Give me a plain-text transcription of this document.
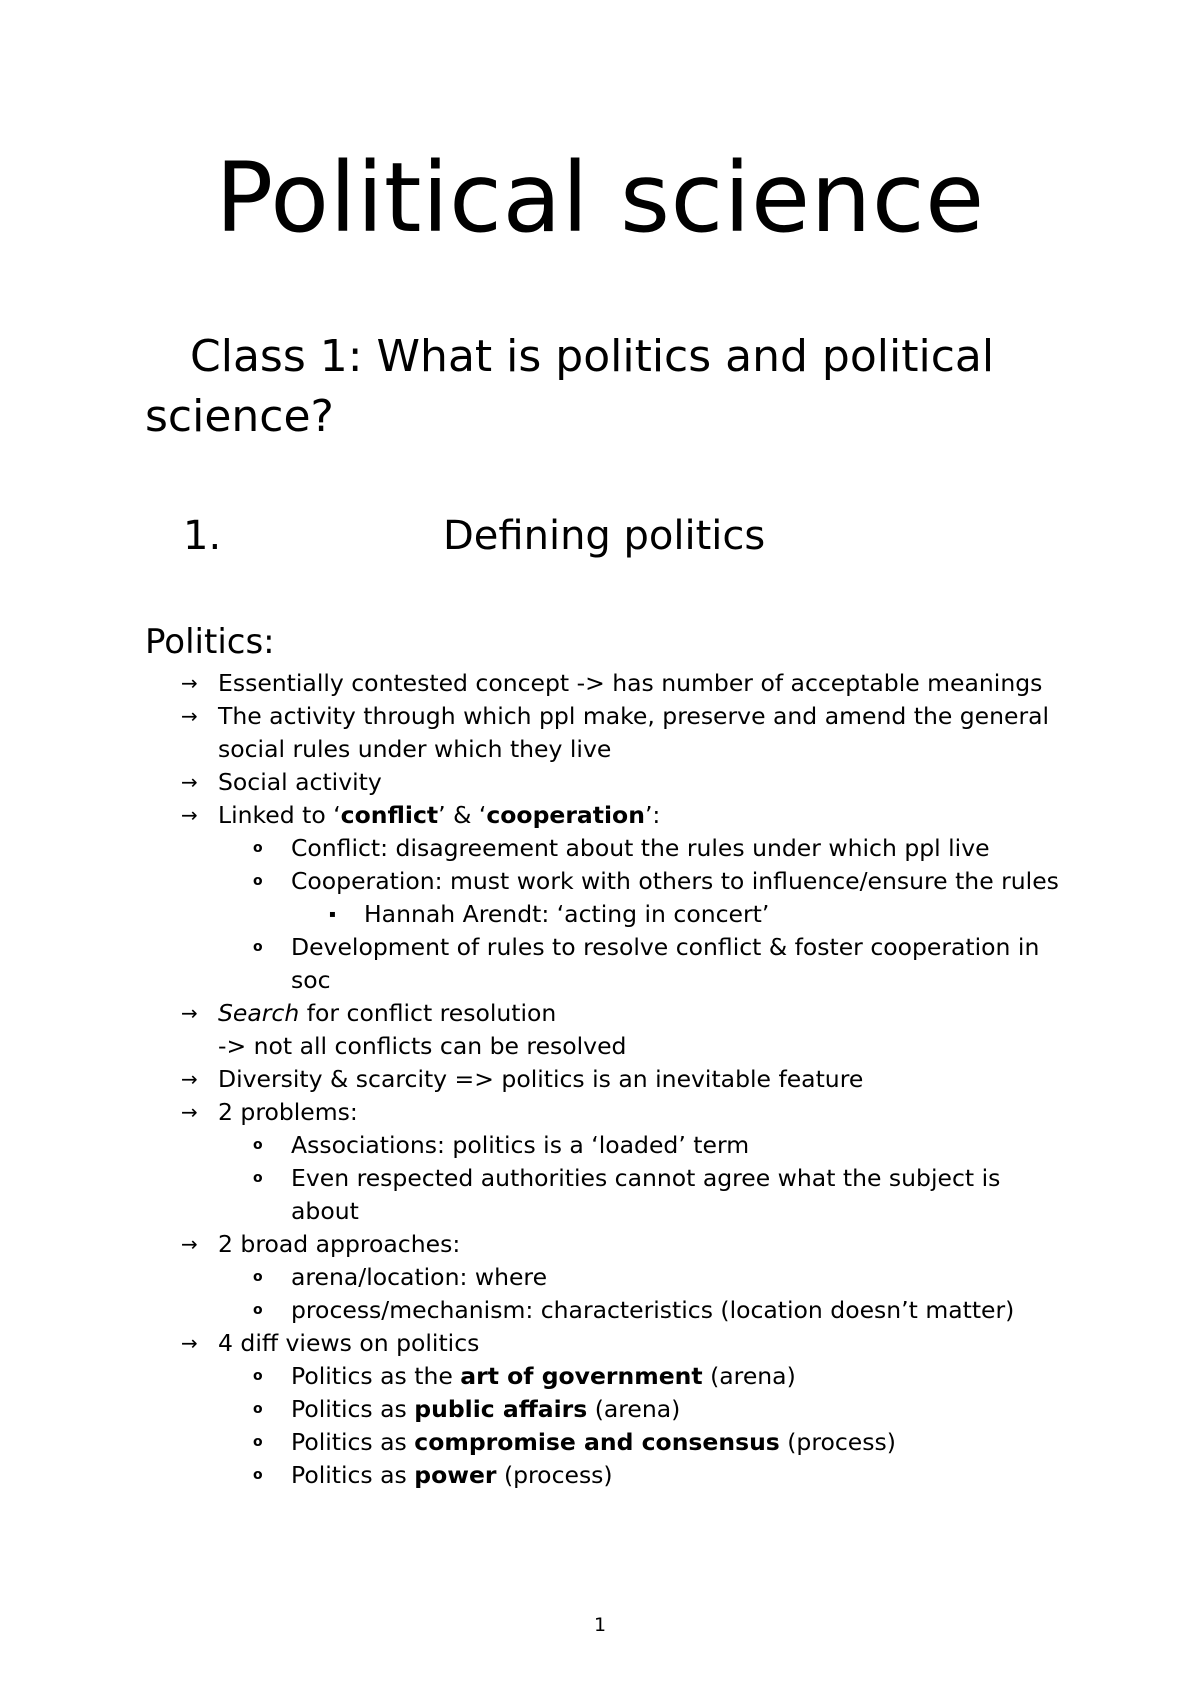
Political science
Class 1: What is politics and political science?
1.	Defining politics
Politics:
→ Essentially contested concept -> has number of acceptable meanings
→ The activity through which ppl make, preserve and amend the general social rules under which they live
→ Social activity
→ Linked to ‘conflict’ & ‘cooperation’:
o Conflict: disagreement about the rules under which ppl live
o Cooperation: must work with others to influence/ensure the rules
▪ Hannah Arendt: ‘acting in concert’
o Development of rules to resolve conflict & foster cooperation in soc
→ Search for conflict resolution
-> not all conflicts can be resolved
→ Diversity & scarcity => politics is an inevitable feature
→ 2 problems:
o Associations: politics is a ‘loaded’ term
o Even respected authorities cannot agree what the subject is about
→ 2 broad approaches:
o arena/location: where
o process/mechanism: characteristics (location doesn’t matter)
→ 4 diff views on politics
o Politics as the art of government (arena)
o Politics as public affairs (arena)
o Politics as compromise and consensus (process)
o Politics as power (process)
1
